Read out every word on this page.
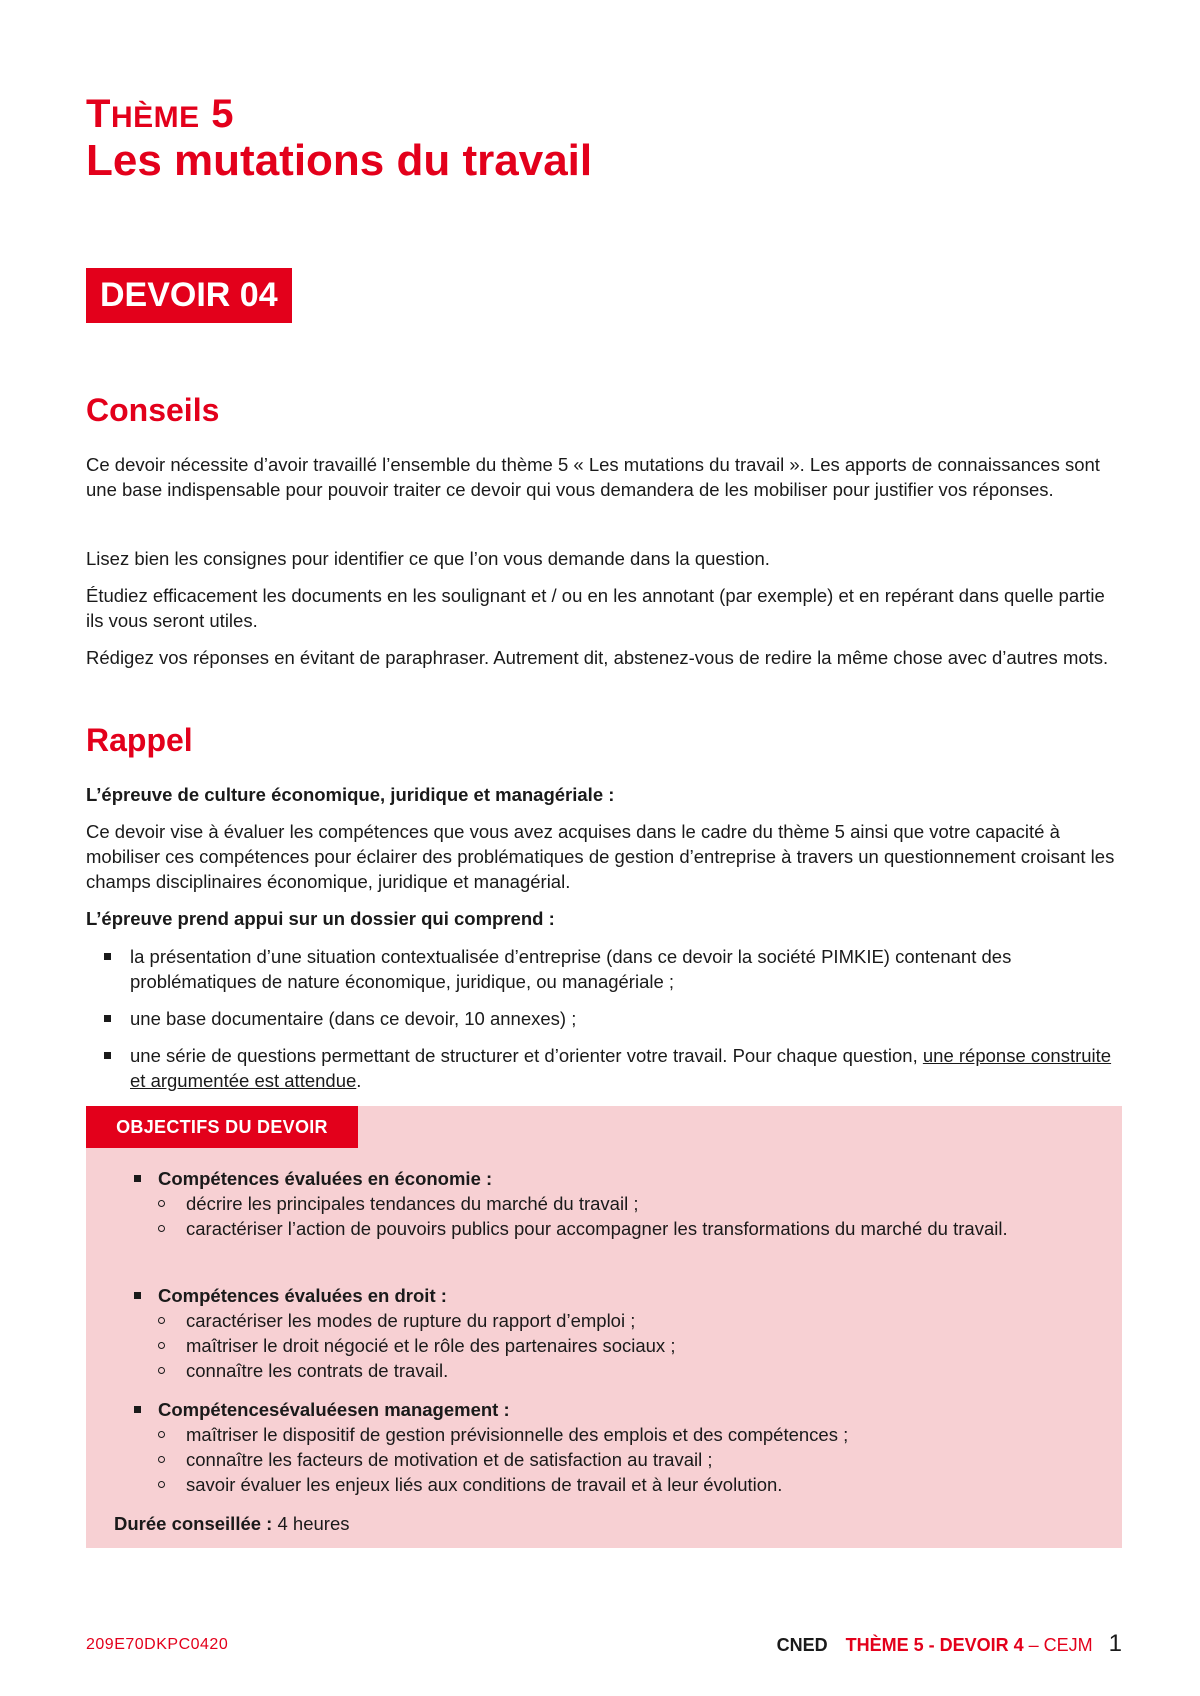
THÈME 5
Les mutations du travail
DEVOIR 04
Conseils

Ce devoir nécessite d’avoir travaillé l’ensemble du thème 5 « Les mutations du travail ». Les apports de connaissances sont une base indispensable pour pouvoir traiter ce devoir qui vous demandera de les mobiliser pour justifier vos réponses.

Lisez bien les consignes pour identifier ce que l’on vous demande dans la question.

Étudiez efficacement les documents en les soulignant et / ou en les annotant (par exemple) et en repérant dans quelle partie ils vous seront utiles.

Rédigez vos réponses en évitant de paraphraser. Autrement dit, abstenez-vous de redire la même chose avec d’autres mots.

Rappel

L’épreuve de culture économique, juridique et managériale :

Ce devoir vise à évaluer les compétences que vous avez acquises dans le cadre du thème 5 ainsi que votre capacité à mobiliser ces compétences pour éclairer des problématiques de gestion d’entreprise à travers un questionnement croisant les champs disciplinaires économique, juridique et managérial.

L’épreuve prend appui sur un dossier qui comprend :

la présentation d’une situation contextualisée d’entreprise (dans ce devoir la société PIMKIE) contenant des problématiques de nature économique, juridique, ou managériale ;
une base documentaire (dans ce devoir, 10 annexes) ;
une série de questions permettant de structurer et d’orienter votre travail. Pour chaque question, une réponse construite et argumentée est attendue.
OBJECTIFS DU DEVOIR
Compétences évaluées en économie :
décrire les principales tendances du marché du travail ;
caractériser l’action de pouvoirs publics pour accompagner les transformations du marché du travail.
Compétences évaluées en droit :
caractériser les modes de rupture du rapport d’emploi ;
maîtriser le droit négocié et le rôle des partenaires sociaux ;
connaître les contrats de travail.
Compétencesévaluéesen management :
maîtriser le dispositif de gestion prévisionnelle des emplois et des compétences ;
connaître les facteurs de motivation et de satisfaction au travail ;
savoir évaluer les enjeux liés aux conditions de travail et à leur évolution.
Durée conseillée : 4 heures
209E70DKPC0420	CNED THÈME 5 - DEVOIR 4 – CEJM 1
